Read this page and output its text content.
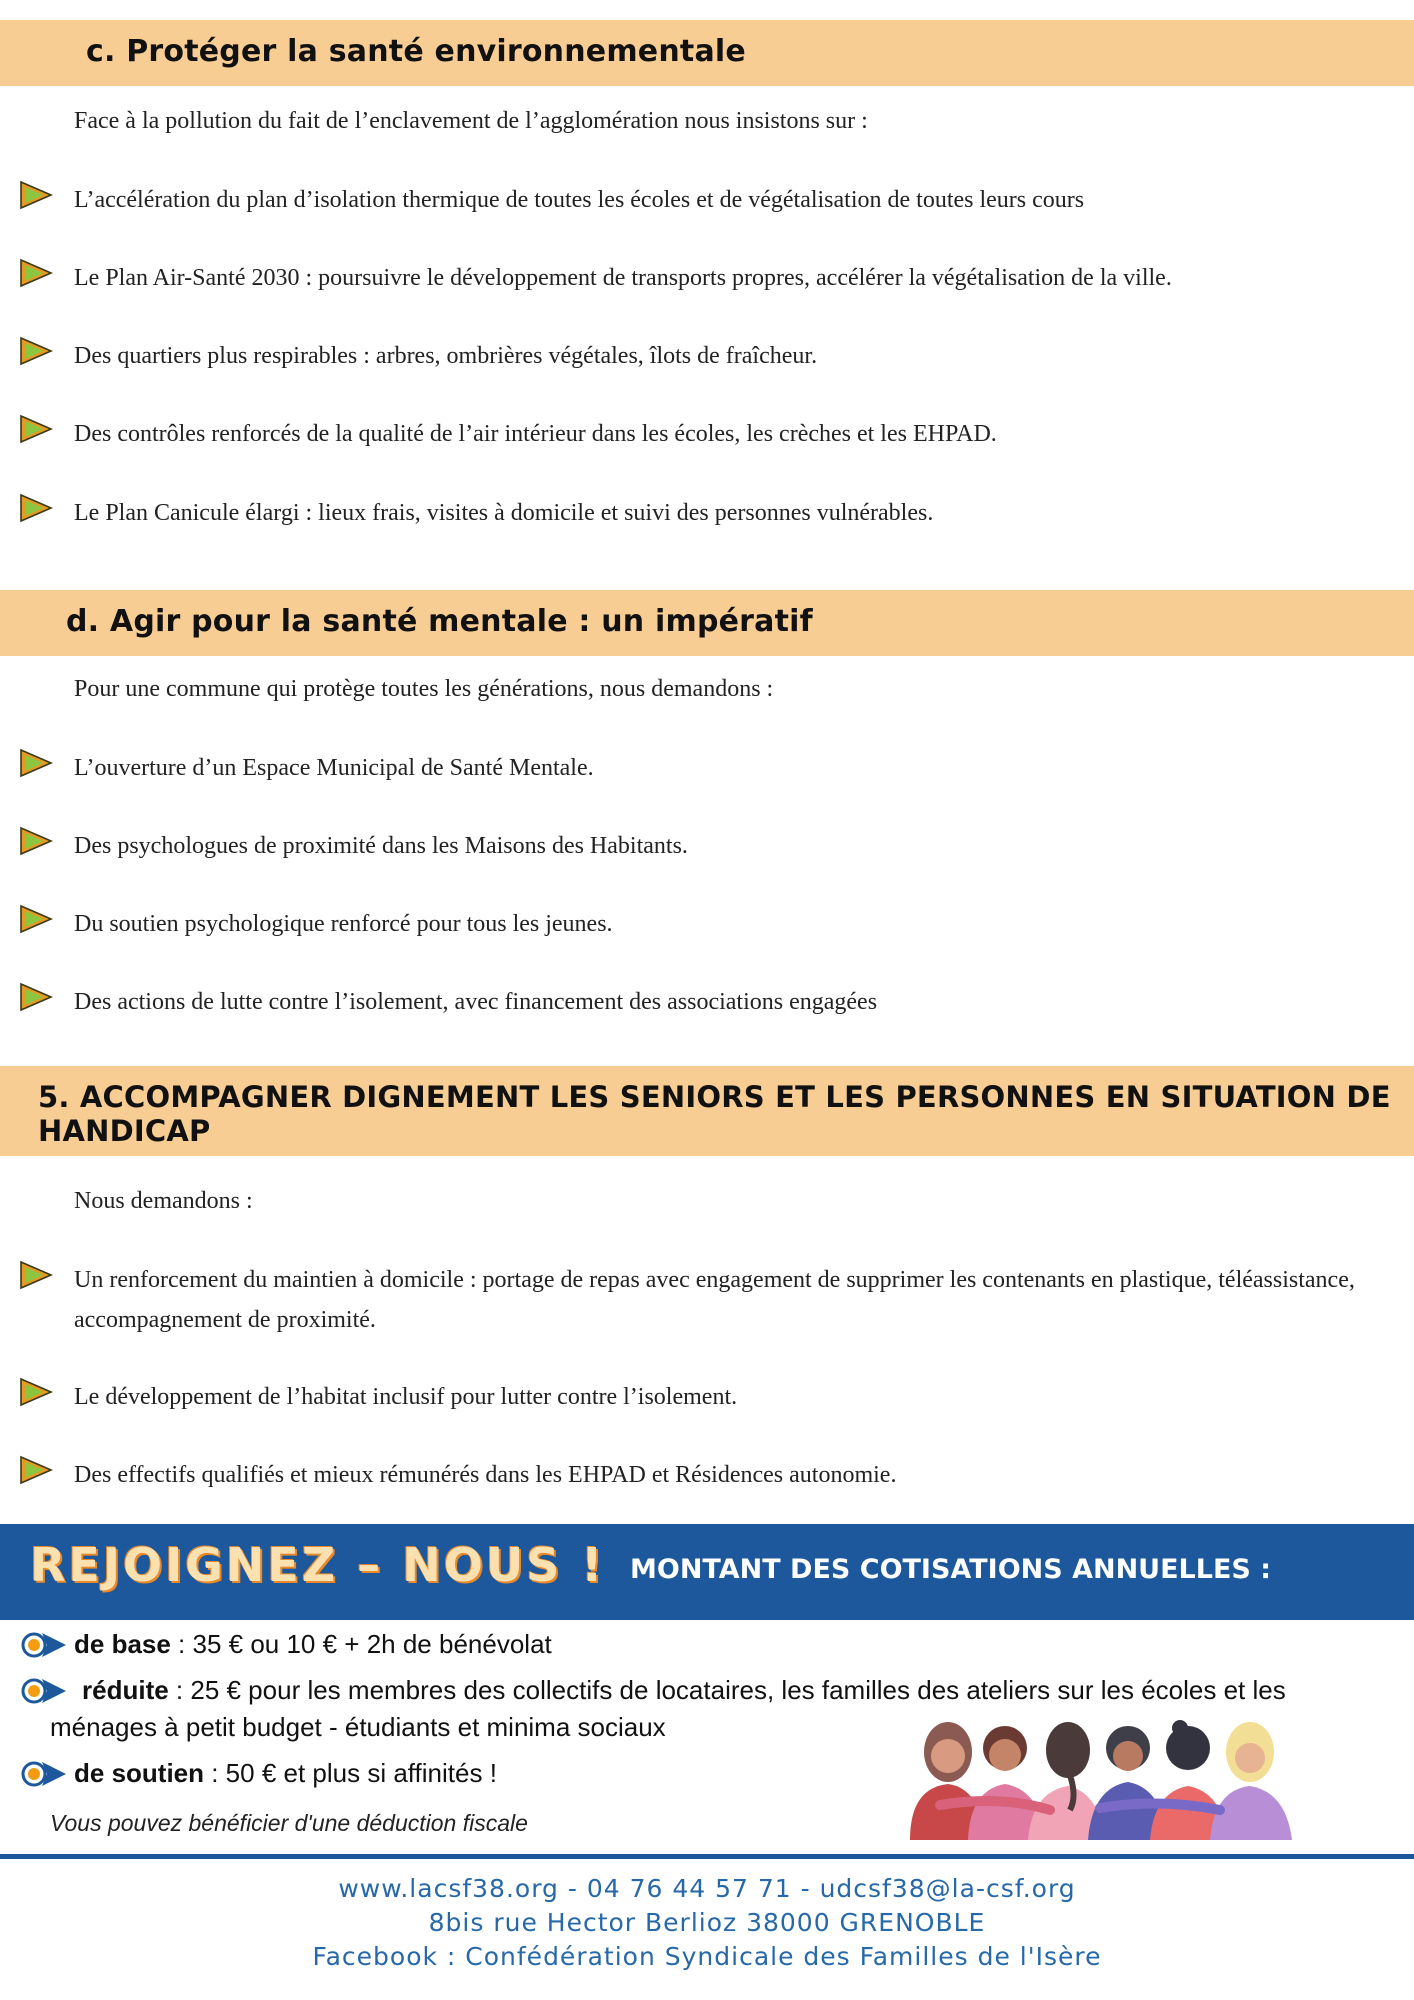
c. Protéger la santé environnementale
Face à la pollution du fait de l’enclavement de l’agglomération nous insistons sur :
L’accélération du plan d’isolation thermique de toutes les écoles et de végétalisation de toutes leurs cours
Le Plan Air-Santé 2030 : poursuivre le développement de transports propres, accélérer la végétalisation de la ville.
Des quartiers plus respirables : arbres, ombrières végétales, îlots de fraîcheur.
Des contrôles renforcés de la qualité de l’air intérieur dans les écoles, les crèches et les EHPAD.
Le Plan Canicule élargi : lieux frais, visites à domicile et suivi des personnes vulnérables.
d. Agir pour la santé mentale : un impératif
Pour une commune qui protège toutes les générations, nous demandons :
L’ouverture d’un Espace Municipal de Santé Mentale.
Des psychologues de proximité dans les Maisons des Habitants.
Du soutien psychologique renforcé pour tous les jeunes.
Des actions de lutte contre l’isolement, avec financement des associations engagées
5. ACCOMPAGNER DIGNEMENT LES SENIORS ET LES PERSONNES EN SITUATION DE
HANDICAP
Nous demandons :
Un renforcement du maintien à domicile : portage de repas avec engagement de supprimer les contenants en plastique, téléassistance, accompagnement de proximité.
Le développement de l’habitat inclusif pour lutter contre l’isolement.
Des effectifs qualifiés et mieux rémunérés dans les EHPAD et Résidences autonomie.
REJOIGNEZ – NOUS ! MONTANT DES COTISATIONS ANNUELLES :
de base : 35 € ou 10 € + 2h de bénévolat
réduite : 25 € pour les membres des collectifs de locataires, les familles des ateliers sur les écoles et les
ménages à petit budget - étudiants et minima sociaux
de soutien : 50 € et plus si affinités !
Vous pouvez bénéficier d'une déduction fiscale
www.lacsf38.org - 04 76 44 57 71 - udcsf38@la-csf.org
8bis rue Hector Berlioz 38000 GRENOBLE
Facebook : Confédération Syndicale des Familles de l'Isère
